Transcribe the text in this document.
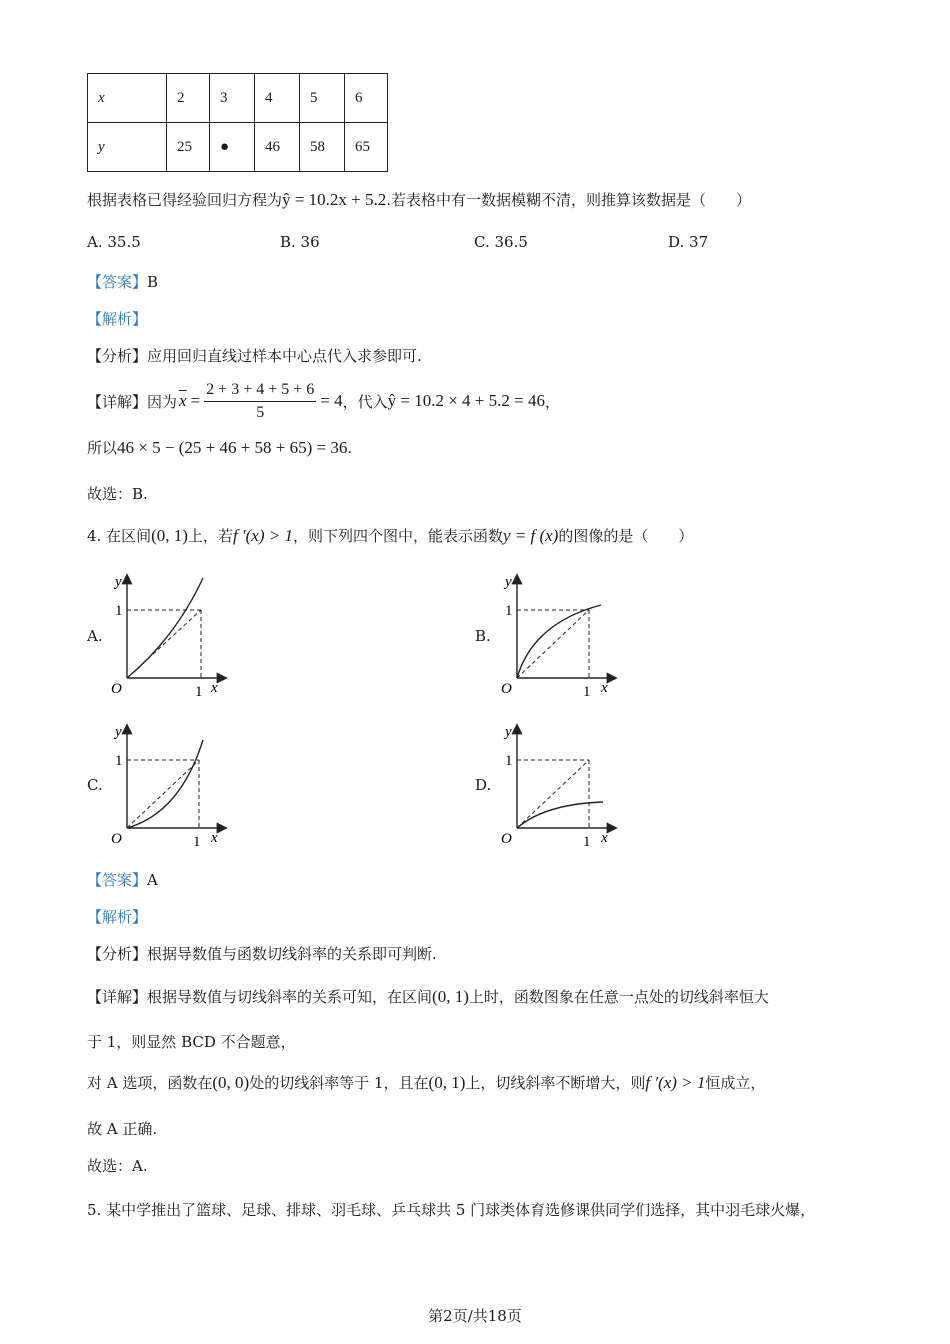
x	2	3	4	5	6
y	25	●	46	58	65
根据表格已得经验回归方程为ŷ = 10.2x + 5.2.若表格中有一数据模糊不清，则推算该数据是（　　）
A. 35.5	B. 36	C. 36.5	D. 37
【答案】B
【解析】
【分析】应用回归直线过样本中心点代入求参即可.
【详解】 因为 $\overline{x} = \frac{2 + 3 + 4 + 5 + 6}{5} = 4$ ，代入 ŷ = 10.2 × 4 + 5.2 = 46 ，
所以46 × 5 − (25 + 46 + 58 + 65) = 36.
故选：B.
4. 在区间(0, 1)上，若f ′(x) > 1，则下列四个图中，能表示函数y = f (x)的图像的是（　　）
A.	B.
C.	D.
y
1
O	1 x
y
1
O	1 x
y
1
O	1 x
y
1
O	1 x
【答案】A
【解析】
【分析】根据导数值与函数切线斜率的关系即可判断.
【详解】根据导数值与切线斜率的关系可知，在区间(0, 1)上时，函数图象在任意一点处的切线斜率恒大
于 1，则显然 BCD 不合题意，
对 A 选项，函数在(0, 0)处的切线斜率等于 1，且在(0, 1)上，切线斜率不断增大，则f ′(x) > 1恒成立，
故 A 正确.
故选：A.
5. 某中学推出了篮球、足球、排球、羽毛球、乒乓球共 5 门球类体育选修课供同学们选择，其中羽毛球火爆，
第2页/共18页
